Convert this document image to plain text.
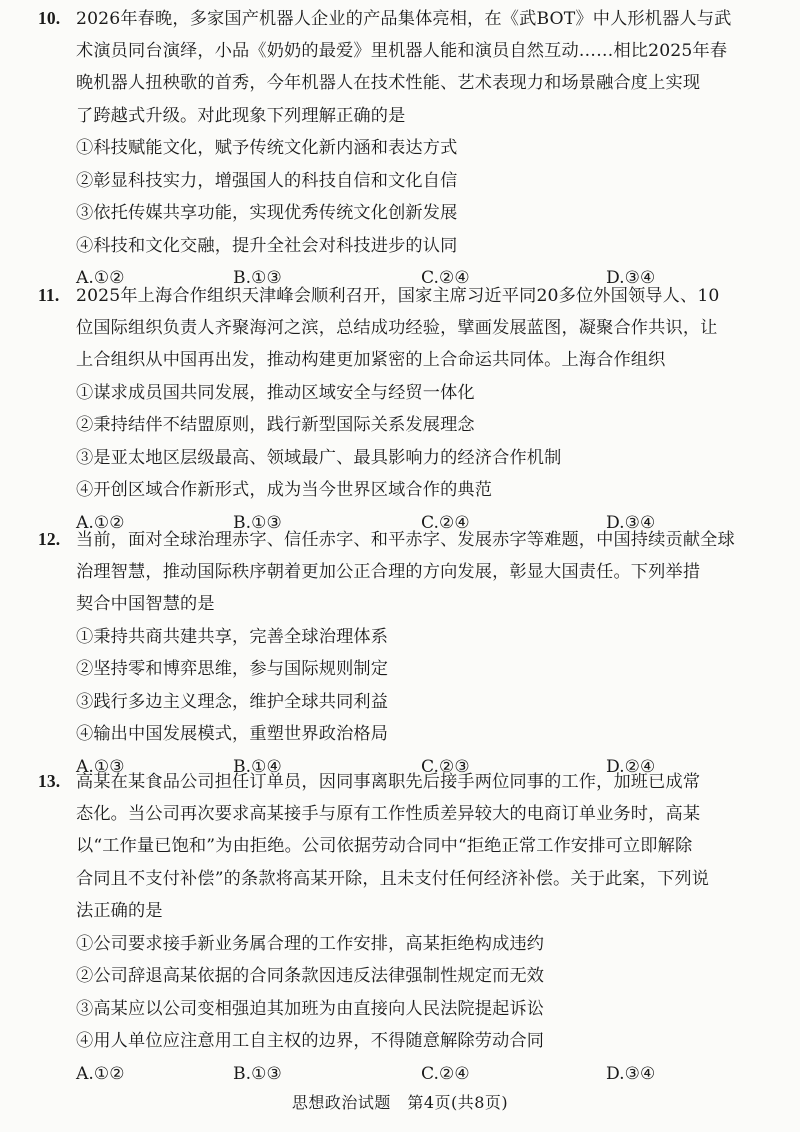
10. 2026年春晚，多家国产机器人企业的产品集体亮相，在《武BOT》中人形机器人与武
术演员同台演绎，小品《奶奶的最爱》里机器人能和演员自然互动……相比2025年春
晚机器人扭秧歌的首秀，今年机器人在技术性能、艺术表现力和场景融合度上实现
了跨越式升级。对此现象下列理解正确的是
①科技赋能文化，赋予传统文化新内涵和表达方式
②彰显科技实力，增强国人的科技自信和文化自信
③依托传媒共享功能，实现优秀传统文化创新发展
④科技和文化交融，提升全社会对科技进步的认同
A.①②	B.①③	C.②④	D.③④
11. 2025年上海合作组织天津峰会顺利召开，国家主席习近平同20多位外国领导人、10
位国际组织负责人齐聚海河之滨，总结成功经验，擘画发展蓝图，凝聚合作共识，让
上合组织从中国再出发，推动构建更加紧密的上合命运共同体。上海合作组织
①谋求成员国共同发展，推动区域安全与经贸一体化
②秉持结伴不结盟原则，践行新型国际关系发展理念
③是亚太地区层级最高、领域最广、最具影响力的经济合作机制
④开创区域合作新形式，成为当今世界区域合作的典范
A.①②	B.①③	C.②④	D.③④
12. 当前，面对全球治理赤字、信任赤字、和平赤字、发展赤字等难题，中国持续贡献全球
治理智慧，推动国际秩序朝着更加公正合理的方向发展，彰显大国责任。下列举措
契合中国智慧的是
①秉持共商共建共享，完善全球治理体系
②坚持零和博弈思维，参与国际规则制定
③践行多边主义理念，维护全球共同利益
④输出中国发展模式，重塑世界政治格局
A.①③	B.①④	C.②③	D.②④
13. 高某在某食品公司担任订单员，因同事离职先后接手两位同事的工作，加班已成常
态化。当公司再次要求高某接手与原有工作性质差异较大的电商订单业务时，高某
以“工作量已饱和”为由拒绝。公司依据劳动合同中“拒绝正常工作安排可立即解除
合同且不支付补偿”的条款将高某开除，且未支付任何经济补偿。关于此案，下列说
法正确的是
①公司要求接手新业务属合理的工作安排，高某拒绝构成违约
②公司辞退高某依据的合同条款因违反法律强制性规定而无效
③高某应以公司变相强迫其加班为由直接向人民法院提起诉讼
④用人单位应注意用工自主权的边界，不得随意解除劳动合同
A.①②	B.①③	C.②④	D.③④
思想政治试题　第4页(共8页)
